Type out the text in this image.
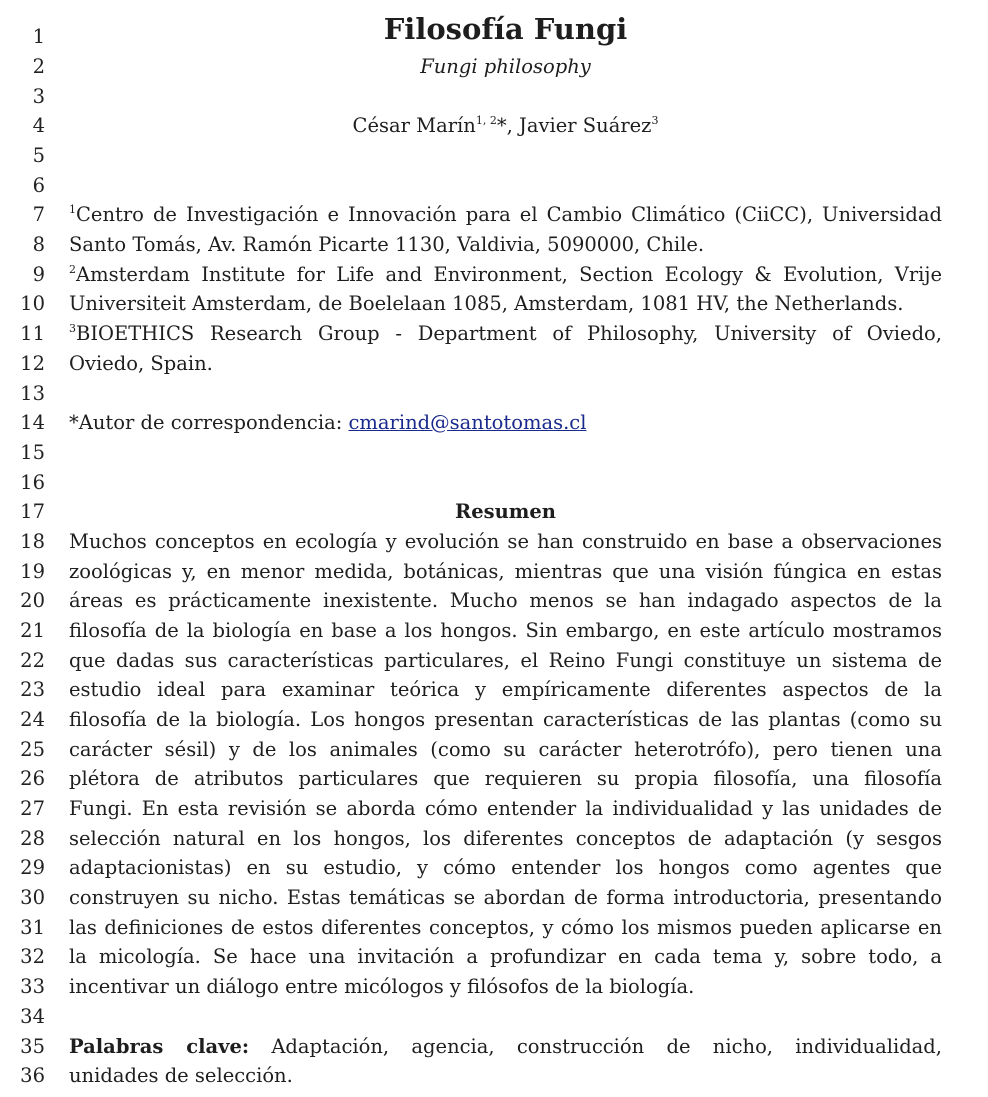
1
2
3
4
5
6
7
8
9
10
11
12
13
14
15
16
17
18
19
20
21
22
23
24
25
26
27
28
29
30
31
32
33
34
35
36
Filosofía Fungi
Fungi philosophy
César Marín$^{1, 2}$*, Javier Suárez$^3$
$^1$Centro de Investigación e Innovación para el Cambio Climático (CiiCC), Universidad
Santo Tomás, Av. Ramón Picarte 1130, Valdivia, 5090000, Chile.
$^2$Amsterdam Institute for Life and Environment, Section Ecology & Evolution, Vrije
Universiteit Amsterdam, de Boelelaan 1085, Amsterdam, 1081 HV, the Netherlands.
$^3$BIOETHICS Research Group - Department of Philosophy, University of Oviedo,
Oviedo, Spain.
*Autor de correspondencia: cmarind@santotomas.cl
Resumen
Muchos conceptos en ecología y evolución se han construido en base a observaciones
zoológicas y, en menor medida, botánicas, mientras que una visión fúngica en estas
áreas es prácticamente inexistente. Mucho menos se han indagado aspectos de la
filosofía de la biología en base a los hongos. Sin embargo, en este artículo mostramos
que dadas sus características particulares, el Reino Fungi constituye un sistema de
estudio ideal para examinar teórica y empíricamente diferentes aspectos de la
filosofía de la biología. Los hongos presentan características de las plantas (como su
carácter sésil) y de los animales (como su carácter heterotrófo), pero tienen una
plétora de atributos particulares que requieren su propia filosofía, una filosofía
Fungi. En esta revisión se aborda cómo entender la individualidad y las unidades de
selección natural en los hongos, los diferentes conceptos de adaptación (y sesgos
adaptacionistas) en su estudio, y cómo entender los hongos como agentes que
construyen su nicho. Estas temáticas se abordan de forma introductoria, presentando
las definiciones de estos diferentes conceptos, y cómo los mismos pueden aplicarse en
la micología. Se hace una invitación a profundizar en cada tema y, sobre todo, a
incentivar un diálogo entre micólogos y filósofos de la biología.
Palabras clave: Adaptación, agencia, construcción de nicho, individualidad,
unidades de selección.
